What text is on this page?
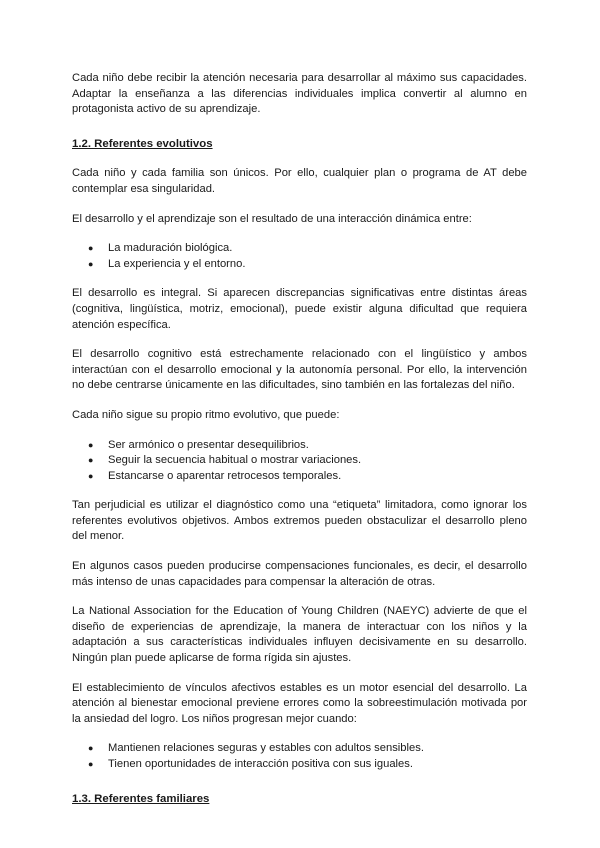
Cada niño debe recibir la atención necesaria para desarrollar al máximo sus capacidades. Adaptar la enseñanza a las diferencias individuales implica convertir al alumno en protagonista activo de su aprendizaje.

1.2. Referentes evolutivos

Cada niño y cada familia son únicos. Por ello, cualquier plan o programa de AT debe contemplar esa singularidad.

El desarrollo y el aprendizaje son el resultado de una interacción dinámica entre:

● La maduración biológica.
● La experiencia y el entorno.

El desarrollo es integral. Si aparecen discrepancias significativas entre distintas áreas (cognitiva, lingüística, motriz, emocional), puede existir alguna dificultad que requiera atención específica.

El desarrollo cognitivo está estrechamente relacionado con el lingüístico y ambos interactúan con el desarrollo emocional y la autonomía personal. Por ello, la intervención no debe centrarse únicamente en las dificultades, sino también en las fortalezas del niño.

Cada niño sigue su propio ritmo evolutivo, que puede:

● Ser armónico o presentar desequilibrios.
● Seguir la secuencia habitual o mostrar variaciones.
● Estancarse o aparentar retrocesos temporales.

Tan perjudicial es utilizar el diagnóstico como una “etiqueta” limitadora, como ignorar los referentes evolutivos objetivos. Ambos extremos pueden obstaculizar el desarrollo pleno del menor.

En algunos casos pueden producirse compensaciones funcionales, es decir, el desarrollo más intenso de unas capacidades para compensar la alteración de otras.

La National Association for the Education of Young Children (NAEYC) advierte de que el diseño de experiencias de aprendizaje, la manera de interactuar con los niños y la adaptación a sus características individuales influyen decisivamente en su desarrollo. Ningún plan puede aplicarse de forma rígida sin ajustes.

El establecimiento de vínculos afectivos estables es un motor esencial del desarrollo. La atención al bienestar emocional previene errores como la sobreestimulación motivada por la ansiedad del logro. Los niños progresan mejor cuando:

● Mantienen relaciones seguras y estables con adultos sensibles.
● Tienen oportunidades de interacción positiva con sus iguales.
1.3. Referentes familiares
